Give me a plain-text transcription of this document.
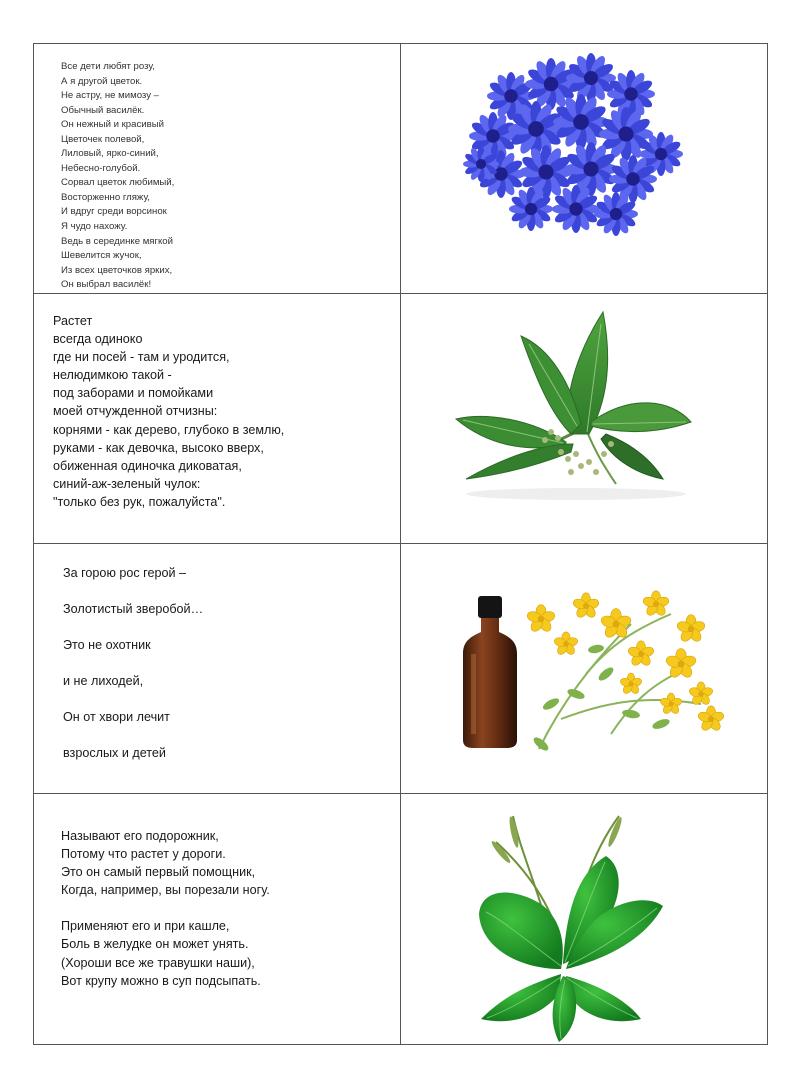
Все дети любят розу,
А я другой цветок.
Не астру, не мимозу –
Обычный василёк.
Он нежный и красивый
Цветочек полевой,
Лиловый, ярко-синий,
Небесно-голубой.
Сорвал цветок любимый,
Восторженно гляжу,
И вдруг среди ворсинок
Я чудо нахожу.
Ведь в серединке мягкой
Шевелится жучок,
Из всех цветочков ярких,
Он выбрал василёк!
Растет
всегда одиноко
где ни посей - там и уродится,
нелюдимкою такой -
под заборами и помойками
моей отчужденной отчизны:
корнями - как дерево, глубоко в землю,
руками - как девочка, высоко вверх,
обиженная одиночка диковатая,
синий-аж-зеленый чулок:
"только без рук, пожалуйста".
За горою рос герой –
Золотистый зверобой…
Это не охотник
и не лиходей,
Он от хвори лечит
взрослых и детей
Называют его подорожник,
Потому что растет у дороги.
Это он самый первый помощник,
Когда, например, вы порезали ногу.
Применяют его и при кашле,
Боль в желудке он может унять.
(Хороши все же травушки наши),
Вот крупу можно в суп подсыпать.
